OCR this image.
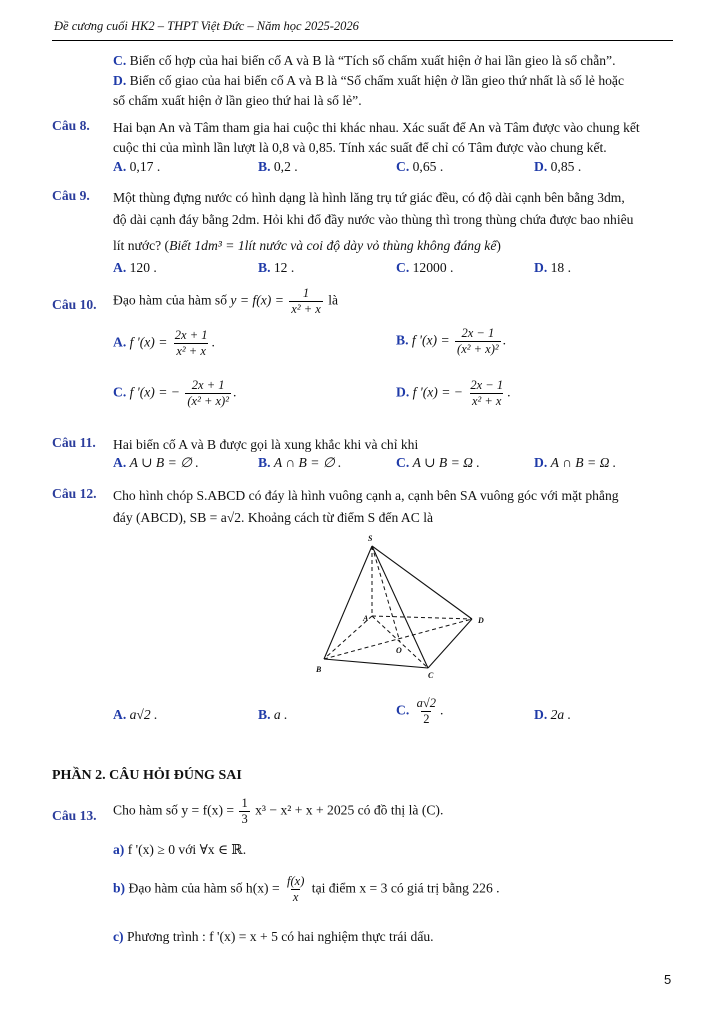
Đề cương cuối HK2 – THPT Việt Đức – Năm học 2025-2026
C. Biến cố hợp của hai biến cố A và B là “Tích số chấm xuất hiện ở hai lần gieo là số chẵn”.
D. Biến cố giao của hai biến cố A và B là “Số chấm xuất hiện ở lần gieo thứ nhất là số lẻ hoặc
số chấm xuất hiện ở lần gieo thứ hai là số lẻ”.
Câu 8. Hai bạn An và Tâm tham gia hai cuộc thi khác nhau. Xác suất để An và Tâm được vào chung kết
cuộc thi của mình lần lượt là 0,8 và 0,85. Tính xác suất để chỉ có Tâm được vào chung kết.
A. 0,17 .	B. 0,2 .	C. 0,65 .	D. 0,85 .
Câu 9. Một thùng đựng nước có hình dạng là hình lăng trụ tứ giác đều, có độ dài cạnh bên bằng 3dm,
độ dài cạnh đáy bằng 2dm. Hỏi khi đổ đầy nước vào thùng thì trong thùng chứa được bao nhiêu
lít nước? (Biết 1dm³ = 1lít nước và coi độ dày vỏ thùng không đáng kể)
A. 120 .	B. 12 .	C. 12000 .	D. 18 .
Câu 10. Đạo hàm của hàm số $y = f(x) = \frac{1}{\text{x² + x}}$ là
A. f '$(x) = \frac{2x + 1}{\text{x² + x}}$ .	B. f '$(x) = \frac{2x - 1}{\text{(x² + x)²}}$ .
C. f '(x) = − $\frac{2x + 1}{\text{(x² + x)²}}$ .	D. f '(x) = − $\frac{2x - 1}{\text{x² + x}}$ .
Câu 11. Hai biến cố A và B được gọi là xung khắc khi và chỉ khi
A. A ∪ B = ∅ .	B. A ∩ B = ∅ .	C. A ∪ B = Ω .	D. A ∩ B = Ω .
Câu 12. Cho hình chóp S.ABCD có đáy là hình vuông cạnh a, cạnh bên SA vuông góc với mặt phẳng
đáy (ABCD), SB = a√2. Khoảng cách từ điểm S đến AC là
S
A
B
C
D
O
A. a√2 .	B. a .	C. $\frac{a√2}{2}$ .	D. 2a .
PHẦN 2. CÂU HỎI ĐÚNG SAI
Câu 13. Cho hàm số $y = f(x) = \frac{1}{3} x^3 - x^2 + x + 2025$ có đồ thị là (C).
a) f '(x) ≥ 0 với ∀x ∈ ℝ.
b) Đạo hàm của hàm số $h(x) = \frac{f(x)}{x}$ tại điểm x = 3 có giá trị bằng 226 .
c) Phương trình : f '(x) = x + 5 có hai nghiệm thực trái dấu.
5
